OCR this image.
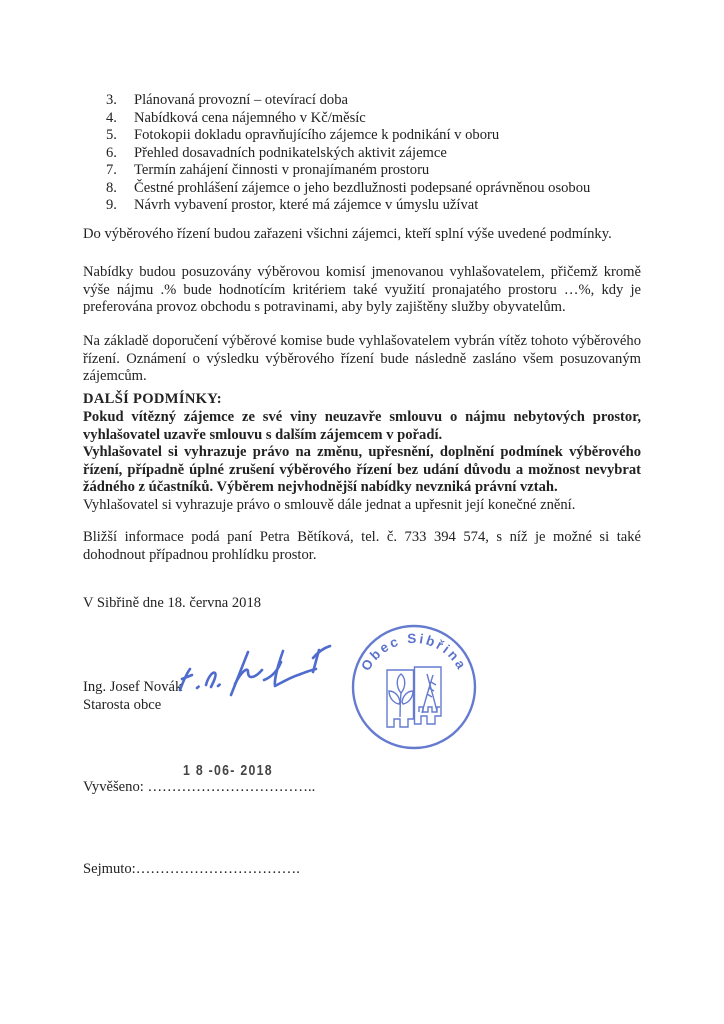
3.	Plánovaná provozní – otevírací doba
4.	Nabídková cena nájemného v Kč/měsíc
5.	Fotokopii dokladu opravňujícího zájemce k podnikání v oboru
6.	Přehled dosavadních podnikatelských aktivit zájemce
7.	Termín zahájení činnosti v pronajímaném prostoru
8.	Čestné prohlášení zájemce o jeho bezdlužnosti podepsané oprávněnou osobou
9.	Návrh vybavení prostor, které má zájemce v úmyslu užívat

Do výběrového řízení budou zařazeni všichni zájemci, kteří splní výše uvedené podmínky.

Nabídky budou posuzovány výběrovou komisí jmenovanou vyhlašovatelem, přičemž kromě výše nájmu .% bude hodnotícím kritériem také využití pronajatého prostoru …%, kdy je preferována provoz obchodu s potravinami, aby byly zajištěny služby obyvatelům.

Na základě doporučení výběrové komise bude vyhlašovatelem vybrán vítěz tohoto výběrového řízení. Oznámení o výsledku výběrového řízení bude následně zasláno všem posuzovaným zájemcům.

DALŠÍ PODMÍNKY:

Pokud vítězný zájemce ze své viny neuzavře smlouvu o nájmu nebytových prostor, vyhlašovatel uzavře smlouvu s dalším zájemcem v pořadí.

Vyhlašovatel si vyhrazuje právo na změnu, upřesnění, doplnění podmínek výběrového řízení, případně úplné zrušení výběrového řízení bez udání důvodu a možnost nevybrat žádného z účastníků. Výběrem nejvhodnější nabídky nevzniká právní vztah.

Vyhlašovatel si vyhrazuje právo o smlouvě dále jednat a upřesnit její konečné znění.

Bližší informace podá paní Petra Bětíková, tel. č. 733 394 574, s níž je možné si také dohodnout případnou prohlídku prostor.

V Sibřině dne 18. června 2018

Ing. Josef Novák

Starosta obce

Obec Sibřina
1 8 -06- 2018

Vyvěšeno: ……………………………..

Sejmuto:…………………………….
